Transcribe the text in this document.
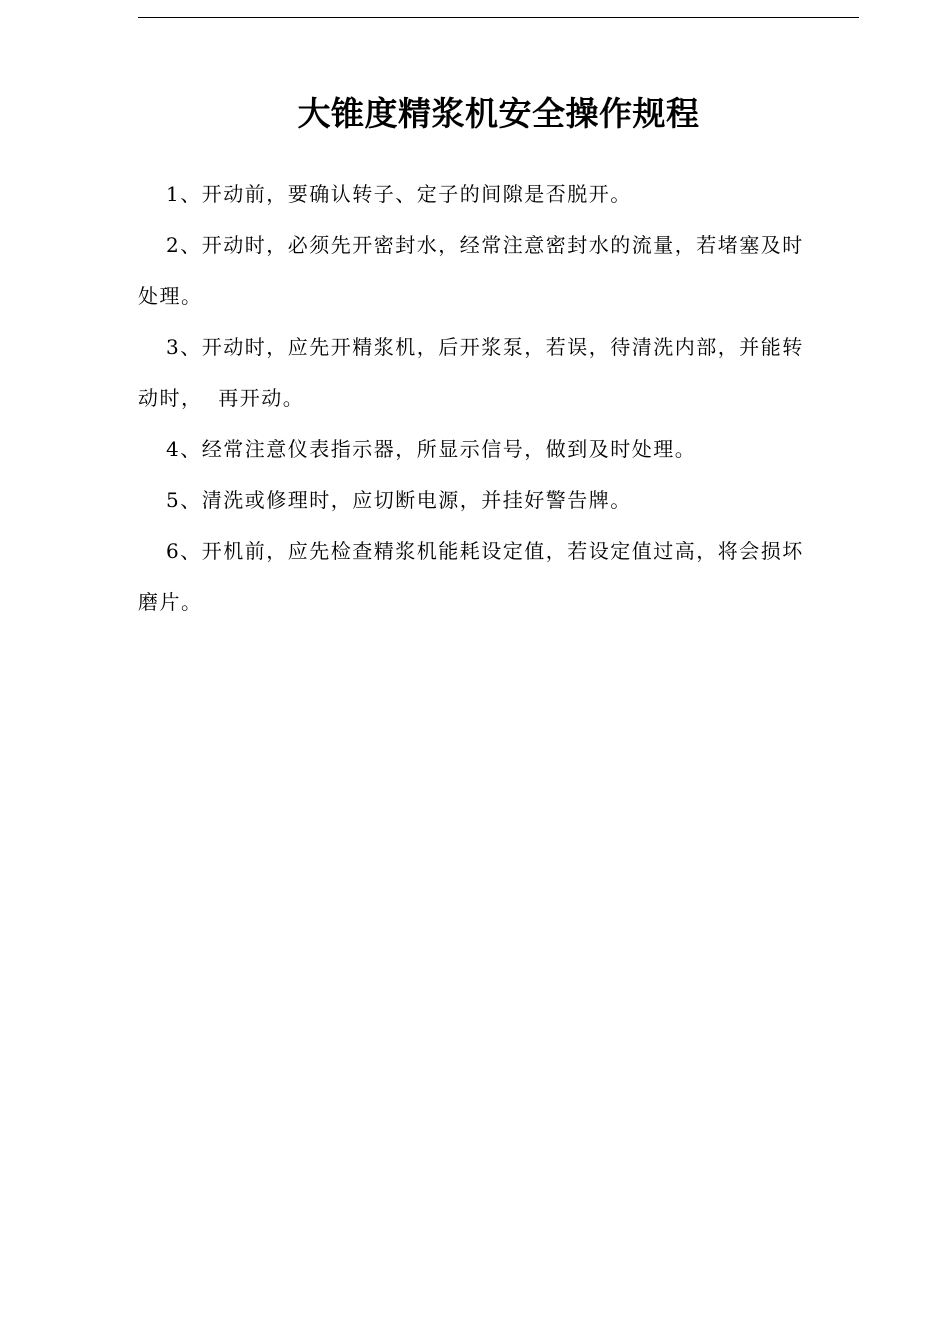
大锥度精浆机安全操作规程

1、开动前，要确认转子、定子的间隙是否脱开。

2、开动时，必须先开密封水，经常注意密封水的流量，若堵塞及时

处理。

3、开动时，应先开精浆机，后开浆泵，若误，待清洗内部，并能转

动时，  再开动。

4、经常注意仪表指示器，所显示信号，做到及时处理。

5、清洗或修理时，应切断电源，并挂好警告牌。

6、开机前，应先检查精浆机能耗设定值，若设定值过高，将会损坏

磨片。
